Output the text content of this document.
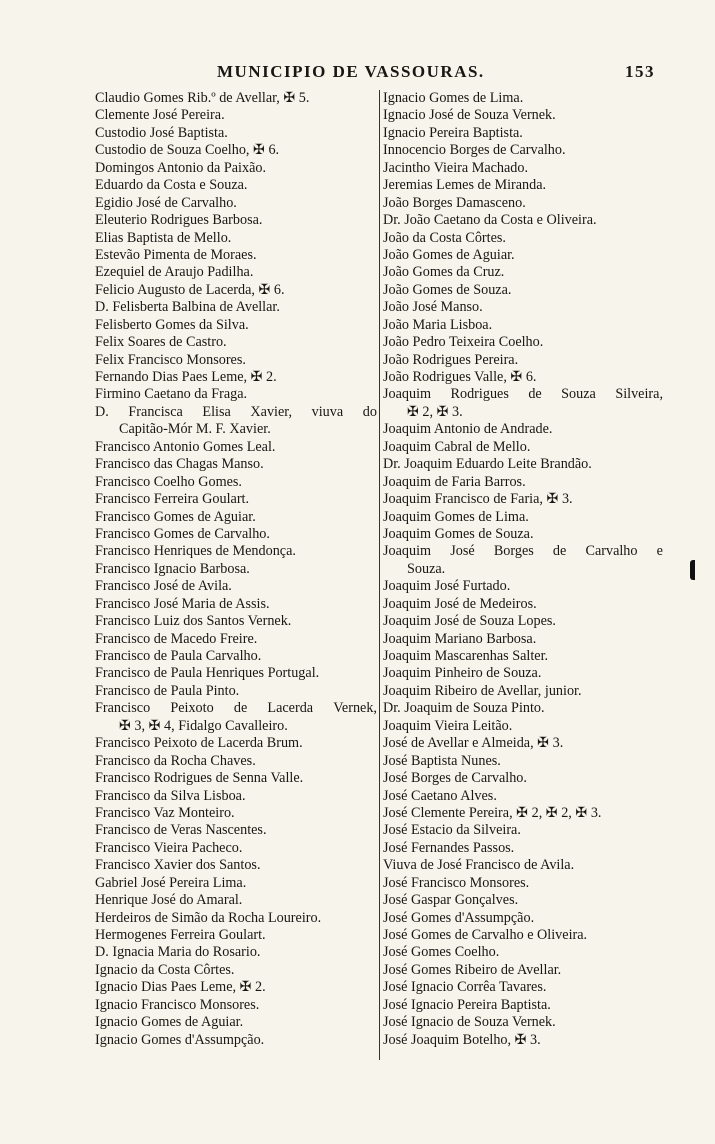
MUNICIPIO DE VASSOURAS.	153
Claudio Gomes Rib.º de Avellar, ✠ 5.
Clemente José Pereira.
Custodio José Baptista.
Custodio de Souza Coelho, ✠ 6.
Domingos Antonio da Paixão.
Eduardo da Costa e Souza.
Egidio José de Carvalho.
Eleuterio Rodrigues Barbosa.
Elias Baptista de Mello.
Estevão Pimenta de Moraes.
Ezequiel de Araujo Padilha.
Felicio Augusto de Lacerda, ✠ 6.
D. Felisberta Balbina de Avellar.
Felisberto Gomes da Silva.
Felix Soares de Castro.
Felix Francisco Monsores.
Fernando Dias Paes Leme, ✠ 2.
Firmino Caetano da Fraga.
D. Francisca Elisa Xavier, viuva do
Capitão-Mór M. F. Xavier.
Francisco Antonio Gomes Leal.
Francisco das Chagas Manso.
Francisco Coelho Gomes.
Francisco Ferreira Goulart.
Francisco Gomes de Aguiar.
Francisco Gomes de Carvalho.
Francisco Henriques de Mendonça.
Francisco Ignacio Barbosa.
Francisco José de Avila.
Francisco José Maria de Assis.
Francisco Luiz dos Santos Vernek.
Francisco de Macedo Freire.
Francisco de Paula Carvalho.
Francisco de Paula Henriques Portugal.
Francisco de Paula Pinto.
Francisco Peixoto de Lacerda Vernek,
✠ 3, ✠ 4, Fidalgo Cavalleiro.
Francisco Peixoto de Lacerda Brum.
Francisco da Rocha Chaves.
Francisco Rodrigues de Senna Valle.
Francisco da Silva Lisboa.
Francisco Vaz Monteiro.
Francisco de Veras Nascentes.
Francisco Vieira Pacheco.
Francisco Xavier dos Santos.
Gabriel José Pereira Lima.
Henrique José do Amaral.
Herdeiros de Simão da Rocha Loureiro.
Hermogenes Ferreira Goulart.
D. Ignacia Maria do Rosario.
Ignacio da Costa Côrtes.
Ignacio Dias Paes Leme, ✠ 2.
Ignacio Francisco Monsores.
Ignacio Gomes de Aguiar.
Ignacio Gomes d'Assumpção.
Ignacio Gomes de Lima.
Ignacio José de Souza Vernek.
Ignacio Pereira Baptista.
Innocencio Borges de Carvalho.
Jacintho Vieira Machado.
Jeremias Lemes de Miranda.
João Borges Damasceno.
Dr. João Caetano da Costa e Oliveira.
João da Costa Côrtes.
João Gomes de Aguiar.
João Gomes da Cruz.
João Gomes de Souza.
João José Manso.
João Maria Lisboa.
João Pedro Teixeira Coelho.
João Rodrigues Pereira.
João Rodrigues Valle, ✠ 6.
Joaquim Rodrigues de Souza Silveira,
✠ 2, ✠ 3.
Joaquim Antonio de Andrade.
Joaquim Cabral de Mello.
Dr. Joaquim Eduardo Leite Brandão.
Joaquim de Faria Barros.
Joaquim Francisco de Faria, ✠ 3.
Joaquim Gomes de Lima.
Joaquim Gomes de Souza.
Joaquim José Borges de Carvalho e
Souza.
Joaquim José Furtado.
Joaquim José de Medeiros.
Joaquim José de Souza Lopes.
Joaquim Mariano Barbosa.
Joaquim Mascarenhas Salter.
Joaquim Pinheiro de Souza.
Joaquim Ribeiro de Avellar, junior.
Dr. Joaquim de Souza Pinto.
Joaquim Vieira Leitão.
José de Avellar e Almeida, ✠ 3.
José Baptista Nunes.
José Borges de Carvalho.
José Caetano Alves.
José Clemente Pereira, ✠ 2, ✠ 2, ✠ 3.
José Estacio da Silveira.
José Fernandes Passos.
Viuva de José Francisco de Avila.
José Francisco Monsores.
José Gaspar Gonçalves.
José Gomes d'Assumpção.
José Gomes de Carvalho e Oliveira.
José Gomes Coelho.
José Gomes Ribeiro de Avellar.
José Ignacio Corrêa Tavares.
José Ignacio Pereira Baptista.
José Ignacio de Souza Vernek.
José Joaquim Botelho, ✠ 3.
